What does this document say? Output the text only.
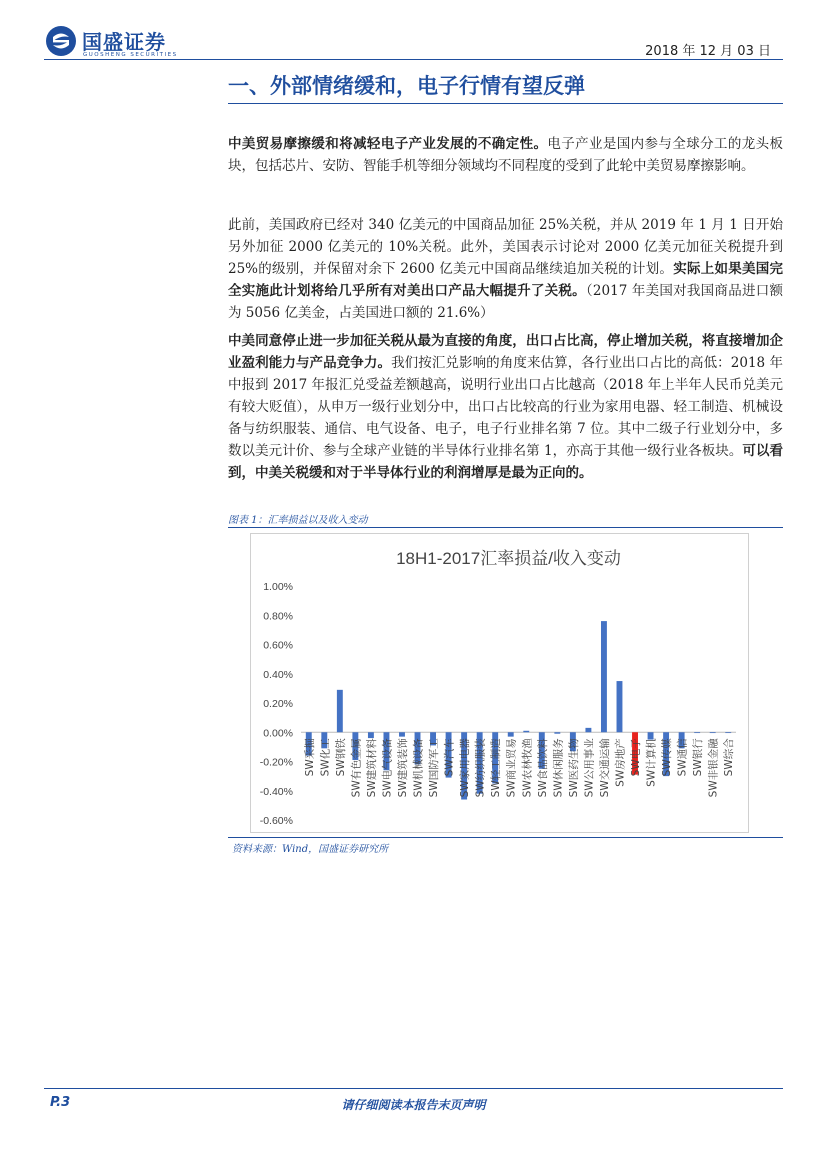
国盛证券
GUOSHENG SECURITIES	2018 年 12 月 03 日
一、外部情绪缓和，电子行情有望反弹

中美贸易摩擦缓和将减轻电子产业发展的不确定性。电子产业是国内参与全球分工的龙头板块，包括芯片、安防、智能手机等细分领域均不同程度的受到了此轮中美贸易摩擦影响。

此前，美国政府已经对 340 亿美元的中国商品加征 25%关税，并从 2019 年 1 月 1 日开始另外加征 2000 亿美元的 10%关税。此外，美国表示讨论对 2000 亿美元加征关税提升到 25%的级别，并保留对余下 2600 亿美元中国商品继续追加关税的计划。实际上如果美国完全实施此计划将给几乎所有对美出口产品大幅提升了关税。（2017 年美国对我国商品进口额为 5056 亿美金，占美国进口额的 21.6%）

中美同意停止进一步加征关税从最为直接的角度，出口占比高，停止增加关税，将直接增加企业盈利能力与产品竞争力。我们按汇兑影响的角度来估算，各行业出口占比的高低：2018 年中报到 2017 年报汇兑受益差额越高，说明行业出口占比越高（2018 年上半年人民币兑美元有较大贬值），从申万一级行业划分中，出口占比较高的行业为家用电器、轻工制造、机械设备与纺织服装、通信、电气设备、电子，电子行业排名第 7 位。其中二级子行业划分中，多数以美元计价、参与全球产业链的半导体行业排名第 1，亦高于其他一级行业各板块。可以看到，中美关税缓和对于半导体行业的利润增厚是最为正向的。

图表 1：汇率损益以及收入变动
18H1-2017汇率损益/收入变动
-0.60%
-0.40%
-0.20%
0.00%
0.20%
0.40%
0.60%
0.80%
1.00%
SW采掘 SW化工 SW钢铁 SW有色金属 SW建筑材料 SW电气设备 SW建筑装饰 SW机械设备 SW国防军工 SW汽车 SW家用电器 SW纺织服装 SW轻工制造 SW商业贸易 SW农林牧渔 SW食品饮料 SW休闲服务 SW医药生物 SW公用事业 SW交通运输 SW房地产 SW电子 SW计算机 SW传媒 SW通信 SW银行 SW非银金融 SW综合
资料来源：Wind，国盛证券研究所
P.3	请仔细阅读本报告末页声明
